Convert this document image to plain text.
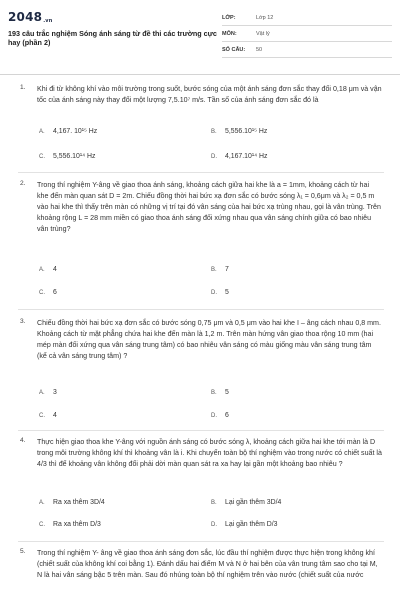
2048.vn
193 câu trắc nghiệm Sóng ánh sáng từ đề thi các trường cực hay (phần 2)
LỚP:	Lớp 12
MÔN:	Vật lý
SỐ CÂU:	50
1. Khi đi từ không khí vào môi trường trong suốt, bước sóng của một ánh sáng đơn sắc thay đổi 0,18 μm và vận tốc của ánh sáng này thay đổi một lượng 7,5.10⁷ m/s. Tần số của ánh sáng đơn sắc đó là
A. 4,167. 10¹⁵ Hz	B. 5,556.10¹⁵ Hz
C. 5,556.10¹⁴ Hz	D. 4,167.10¹⁴ Hz
2. Trong thí nghiệm Y-âng về giao thoa ánh sáng, khoảng cách giữa hai khe là a = 1mm, khoảng cách từ hai khe đến màn quan sát D = 2m. Chiếu đồng thời hai bức xạ đơn sắc có bước sóng λ₁ = 0,6μm và λ₂ = 0,5 m vào hai khe thì thấy trên màn có những vị trí tại đó vân sáng của hai bức xạ trùng nhau, gọi là vân trùng. Trên khoảng rộng L = 28 mm miền có giao thoa ánh sáng đối xứng nhau qua vân sáng chính giữa có bao nhiêu vân trùng?
A. 4	B. 7
C. 6	D. 5
3. Chiếu đồng thời hai bức xạ đơn sắc có bước sóng 0,75 μm và 0,5 μm vào hai khe I – âng cách nhau 0,8 mm. Khoảng cách từ mặt phẳng chứa hai khe đến màn là 1,2 m. Trên màn hứng vân giao thoa rộng 10 mm (hai mép màn đối xứng qua vân sáng trung tâm) có bao nhiêu vân sáng có màu giống màu vân sáng trung tâm (kể cả vân sáng trung tâm) ?
A. 3	B. 5
C. 4	D. 6
4. Thực hiện giao thoa khe Y-âng với nguồn ánh sáng có bước sóng λ, khoảng cách giữa hai khe tới màn là D trong môi trường không khí thì khoảng vân là i. Khi chuyển toàn bộ thí nghiệm vào trong nước có chiết suất là 4/3 thì để khoảng vân không đổi phải dời màn quan sát ra xa hay lại gần một khoảng bao nhiêu ?
A. Ra xa thêm 3D/4	B. Lại gần thêm 3D/4
C. Ra xa thêm D/3	D. Lại gần thêm D/3
5. Trong thí nghiệm Y- âng về giao thoa ánh sáng đơn sắc, lúc đầu thí nghiệm được thực hiện trong không khí (chiết suất của không khí coi bằng 1). Đánh dấu hai điểm M và N ở hai bên của vân trung tâm sao cho tại M, N là hai vân sáng bậc 5 trên màn. Sau đó nhúng toàn bộ thí nghiệm trên vào nước (chiết suất của nước
